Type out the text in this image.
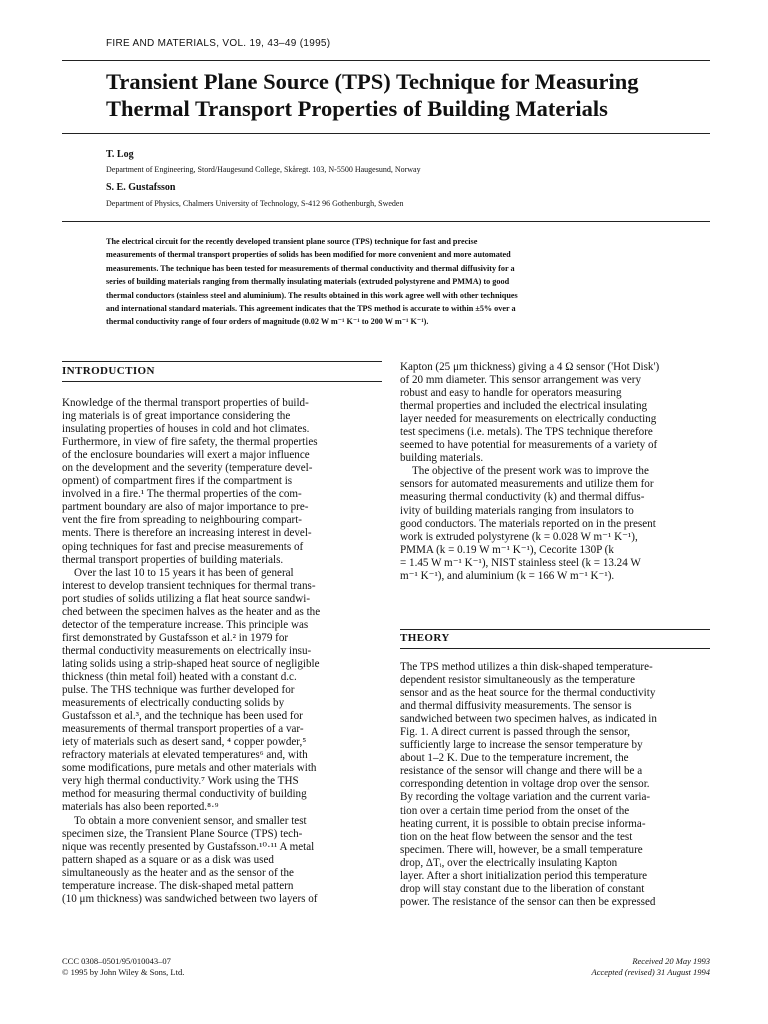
FIRE AND MATERIALS, VOL. 19, 43–49 (1995)
Transient Plane Source (TPS) Technique for Measuring
Thermal Transport Properties of Building Materials
T. Log
Department of Engineering, Stord/Haugesund College, Skåregt. 103, N-5500 Haugesund, Norway
S. E. Gustafsson
Department of Physics, Chalmers University of Technology, S-412 96 Gothenburgh, Sweden
The electrical circuit for the recently developed transient plane source (TPS) technique for fast and precise
measurements of thermal transport properties of solids has been modified for more convenient and more automated
measurements. The technique has been tested for measurements of thermal conductivity and thermal diffusivity for a
series of building materials ranging from thermally insulating materials (extruded polystyrene and PMMA) to good
thermal conductors (stainless steel and aluminium). The results obtained in this work agree well with other techniques
and international standard materials. This agreement indicates that the TPS method is accurate to within ±5% over a
thermal conductivity range of four orders of magnitude (0.02 W m⁻¹ K⁻¹ to 200 W m⁻¹ K⁻¹).
INTRODUCTION
Knowledge of the thermal transport properties of build-
ing materials is of great importance considering the
insulating properties of houses in cold and hot climates.
Furthermore, in view of fire safety, the thermal properties
of the enclosure boundaries will exert a major influence
on the development and the severity (temperature devel-
opment) of compartment fires if the compartment is
involved in a fire.¹ The thermal properties of the com-
partment boundary are also of major importance to pre-
vent the fire from spreading to neighbouring compart-
ments. There is therefore an increasing interest in devel-
oping techniques for fast and precise measurements of
thermal transport properties of building materials.
Over the last 10 to 15 years it has been of general
interest to develop transient techniques for thermal trans-
port studies of solids utilizing a flat heat source sandwi-
ched between the specimen halves as the heater and as the
detector of the temperature increase. This principle was
first demonstrated by Gustafsson et al.² in 1979 for
thermal conductivity measurements on electrically insu-
lating solids using a strip-shaped heat source of negligible
thickness (thin metal foil) heated with a constant d.c.
pulse. The THS technique was further developed for
measurements of electrically conducting solids by
Gustafsson et al.³, and the technique has been used for
measurements of thermal transport properties of a var-
iety of materials such as desert sand, ⁴ copper powder,⁵
refractory materials at elevated temperatures⁶ and, with
some modifications, pure metals and other materials with
very high thermal conductivity.⁷ Work using the THS
method for measuring thermal conductivity of building
materials has also been reported.⁸·⁹
To obtain a more convenient sensor, and smaller test
specimen size, the Transient Plane Source (TPS) tech-
nique was recently presented by Gustafsson.¹⁰·¹¹ A metal
pattern shaped as a square or as a disk was used
simultaneously as the heater and as the sensor of the
temperature increase. The disk-shaped metal pattern
(10 μm thickness) was sandwiched between two layers of
Kapton (25 μm thickness) giving a 4 Ω sensor ('Hot Disk')
of 20 mm diameter. This sensor arrangement was very
robust and easy to handle for operators measuring
thermal properties and included the electrical insulating
layer needed for measurements on electrically conducting
test specimens (i.e. metals). The TPS technique therefore
seemed to have potential for measurements of a variety of
building materials.
The objective of the present work was to improve the
sensors for automated measurements and utilize them for
measuring thermal conductivity (k) and thermal diffus-
ivity of building materials ranging from insulators to
good conductors. The materials reported on in the present
work is extruded polystyrene (k = 0.028 W m⁻¹ K⁻¹),
PMMA (k = 0.19 W m⁻¹ K⁻¹), Cecorite 130P (k
= 1.45 W m⁻¹ K⁻¹), NIST stainless steel (k = 13.24 W
m⁻¹ K⁻¹), and aluminium (k = 166 W m⁻¹ K⁻¹).
THEORY
The TPS method utilizes a thin disk-shaped temperature-
dependent resistor simultaneously as the temperature
sensor and as the heat source for the thermal conductivity
and thermal diffusivity measurements. The sensor is
sandwiched between two specimen halves, as indicated in
Fig. 1. A direct current is passed through the sensor,
sufficiently large to increase the sensor temperature by
about 1–2 K. Due to the temperature increment, the
resistance of the sensor will change and there will be a
corresponding detention in voltage drop over the sensor.
By recording the voltage variation and the current varia-
tion over a certain time period from the onset of the
heating current, it is possible to obtain precise informa-
tion on the heat flow between the sensor and the test
specimen. There will, however, be a small temperature
drop, ΔTᵢ, over the electrically insulating Kapton
layer. After a short initialization period this temperature
drop will stay constant due to the liberation of constant
power. The resistance of the sensor can then be expressed
CCC 0308–0501/95/010043–07
© 1995 by John Wiley & Sons, Ltd.
Received 20 May 1993
Accepted (revised) 31 August 1994
